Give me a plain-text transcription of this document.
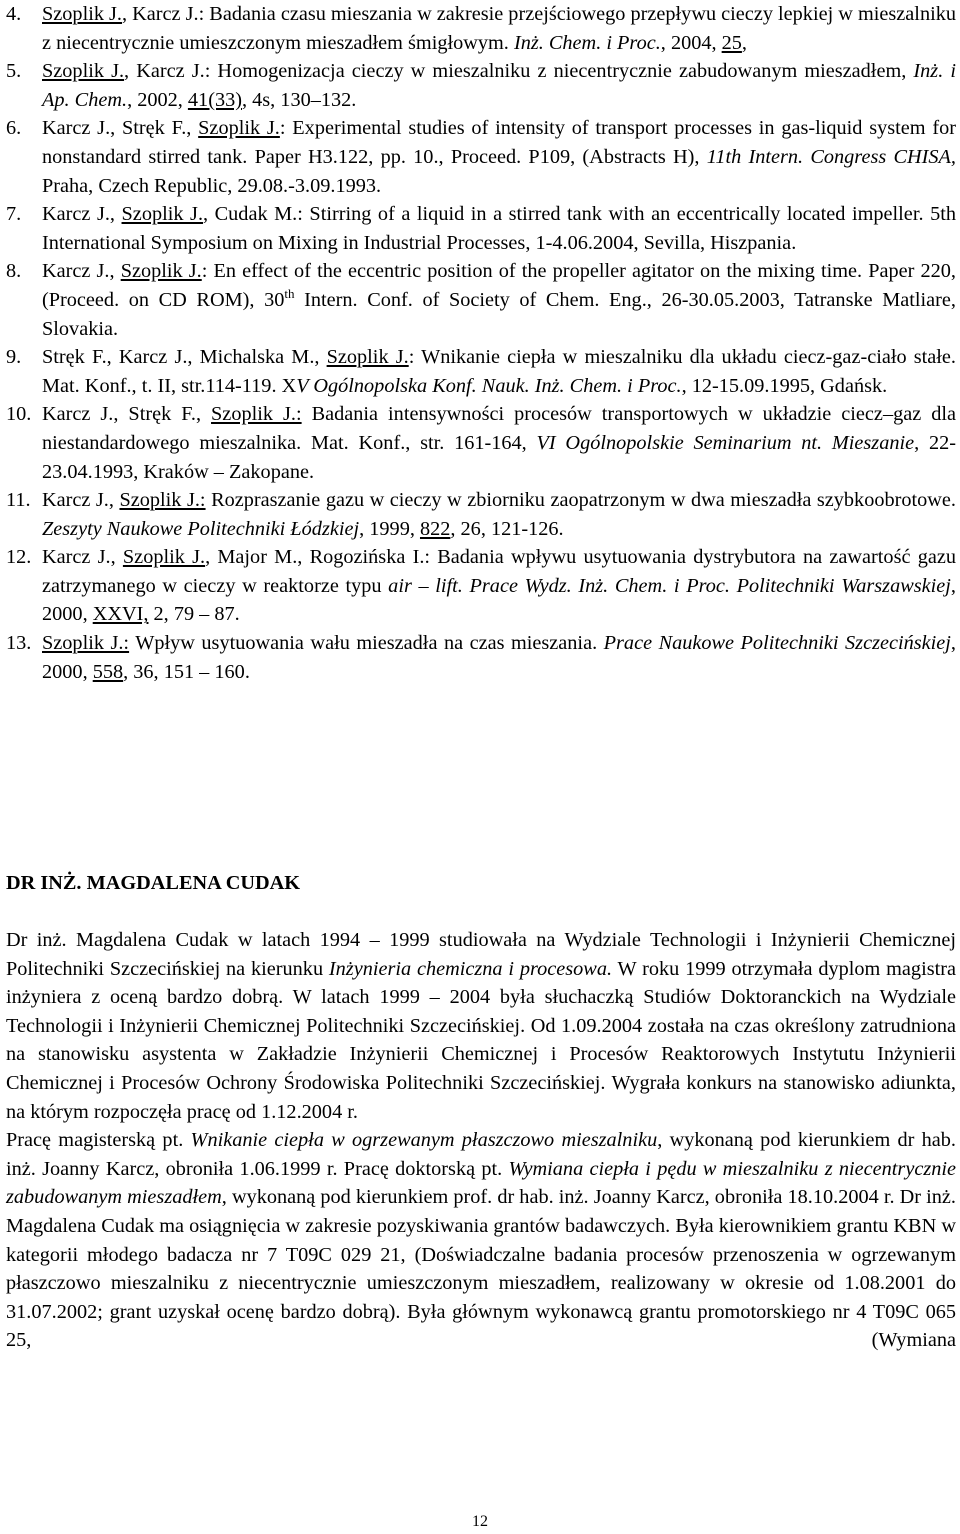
4. Szoplik J., Karcz J.: Badania czasu mieszania w zakresie przejściowego przepływu cieczy lepkiej w mieszalniku z niecentrycznie umieszczonym mieszadłem śmigłowym. Inż. Chem. i Proc., 2004, 25,
5. Szoplik J., Karcz J.: Homogenizacja cieczy w mieszalniku z niecentrycznie zabudowanym mieszadłem, Inż. i Ap. Chem., 2002, 41(33), 4s, 130–132.
6. Karcz J., Stręk F., Szoplik J.: Experimental studies of intensity of transport processes in gas-liquid system for nonstandard stirred tank. Paper H3.122, pp. 10., Proceed. P109, (Abstracts H), 11th Intern. Congress CHISA, Praha, Czech Republic, 29.08.-3.09.1993.
7. Karcz J., Szoplik J., Cudak M.: Stirring of a liquid in a stirred tank with an eccentrically located impeller. 5th International Symposium on Mixing in Industrial Processes, 1-4.06.2004, Sevilla, Hiszpania.
8. Karcz J., Szoplik J.: En effect of the eccentric position of the propeller agitator on the mixing time. Paper 220, (Proceed. on CD ROM), 30th Intern. Conf. of Society of Chem. Eng., 26-30.05.2003, Tatranske Matliare, Slovakia.
9. Stręk F., Karcz J., Michalska M., Szoplik J.: Wnikanie ciepła w mieszalniku dla układu ciecz-gaz-ciało stałe. Mat. Konf., t. II, str.114-119. XV Ogólnopolska Konf. Nauk. Inż. Chem. i Proc., 12-15.09.1995, Gdańsk.
10. Karcz J., Stręk F., Szoplik J.: Badania intensywności procesów transportowych w układzie ciecz–gaz dla niestandardowego mieszalnika. Mat. Konf., str. 161-164, VI Ogólnopolskie Seminarium nt. Mieszanie, 22-23.04.1993, Kraków – Zakopane.
11. Karcz J., Szoplik J.: Rozpraszanie gazu w cieczy w zbiorniku zaopatrzonym w dwa mieszadła szybkoobrotowe. Zeszyty Naukowe Politechniki Łódzkiej, 1999, 822, 26, 121-126.
12. Karcz J., Szoplik J., Major M., Rogozińska I.: Badania wpływu usytuowania dystrybutora na zawartość gazu zatrzymanego w cieczy w reaktorze typu air – lift. Prace Wydz. Inż. Chem. i Proc. Politechniki Warszawskiej, 2000, XXVI, 2, 79 – 87.
13. Szoplik J.: Wpływ usytuowania wału mieszadła na czas mieszania. Prace Naukowe Politechniki Szczecińskiej, 2000, 558, 36, 151 – 160.
DR INŻ. MAGDALENA CUDAK

Dr inż. Magdalena Cudak w latach 1994 – 1999 studiowała na Wydziale Technologii i Inżynierii Chemicznej Politechniki Szczecińskiej na kierunku Inżynieria chemiczna i procesowa. W roku 1999 otrzymała dyplom magistra inżyniera z oceną bardzo dobrą. W latach 1999 – 2004 była słuchaczką Studiów Doktoranckich na Wydziale Technologii i Inżynierii Chemicznej Politechniki Szczecińskiej. Od 1.09.2004 została na czas określony zatrudniona na stanowisku asystenta w Zakładzie Inżynierii Chemicznej i Procesów Reaktorowych Instytutu Inżynierii Chemicznej i Procesów Ochrony Środowiska Politechniki Szczecińskiej. Wygrała konkurs na stanowisko adiunkta, na którym rozpoczęła pracę od 1.12.2004 r.

Pracę magisterską pt. Wnikanie ciepła w ogrzewanym płaszczowo mieszalniku, wykonaną pod kierunkiem dr hab. inż. Joanny Karcz, obroniła 1.06.1999 r. Pracę doktorską pt. Wymiana ciepła i pędu w mieszalniku z niecentrycznie zabudowanym mieszadłem, wykonaną pod kierunkiem prof. dr hab. inż. Joanny Karcz, obroniła 18.10.2004 r. Dr inż. Magdalena Cudak ma osiągnięcia w zakresie pozyskiwania grantów badawczych. Była kierownikiem grantu KBN w kategorii młodego badacza nr 7 T09C 029 21, (Doświadczalne badania procesów przenoszenia w ogrzewanym płaszczowo mieszalniku z niecentrycznie umieszczonym mieszadłem, realizowany w okresie od 1.08.2001 do 31.07.2002; grant uzyskał ocenę bardzo dobrą). Była głównym wykonawcą grantu promotorskiego nr 4 T09C 065 25, (Wymiana

12
